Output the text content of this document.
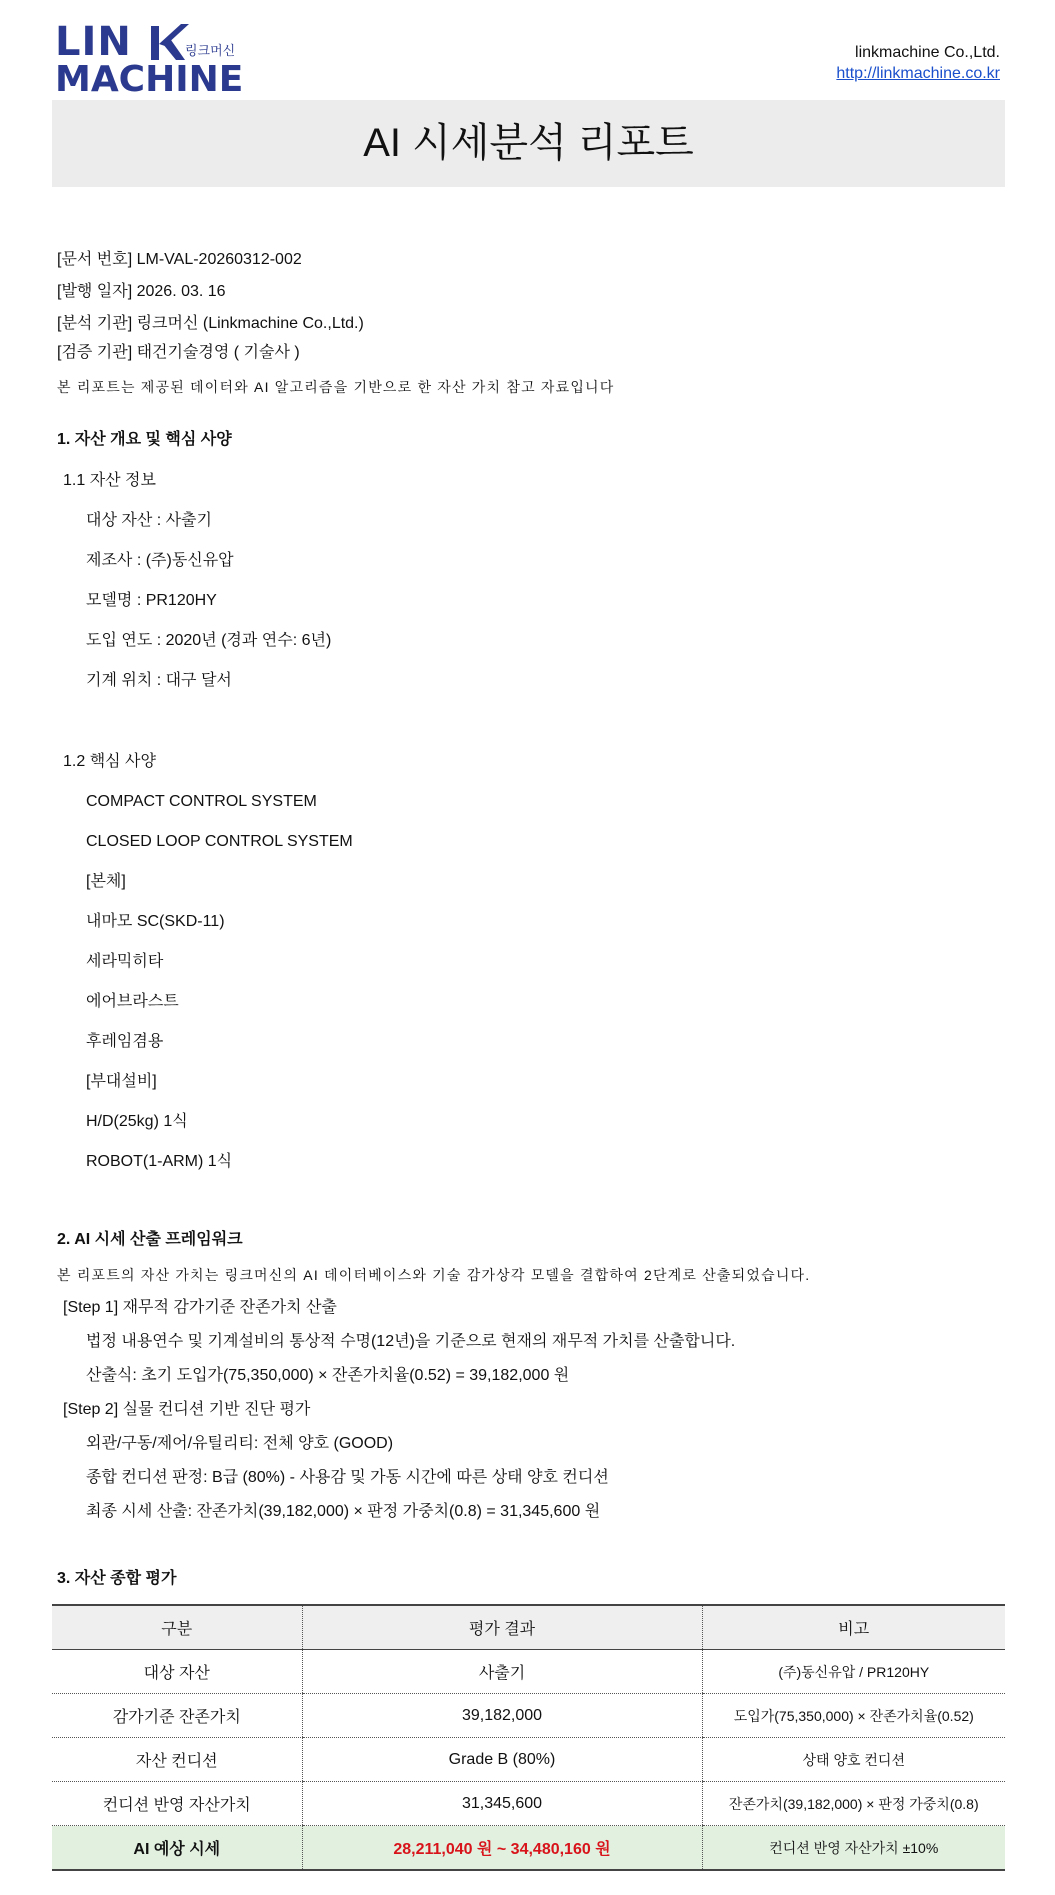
LIN	링크머신
MACHINE
linkmachine Co.,Ltd.
http://linkmachine.co.kr
AI 시세분석 리포트
[문서 번호] LM-VAL-20260312-002
[발행 일자] 2026. 03. 16
[분석 기관] 링크머신 (Linkmachine Co.,Ltd.)
[검증 기관] 태건기술경영 ( 기술사 )
본 리포트는 제공된 데이터와 AI 알고리즘을 기반으로 한 자산 가치 참고 자료입니다
1. 자산 개요 및 핵심 사양
1.1 자산 정보
대상 자산 : 사출기
제조사 : (주)동신유압
모델명 : PR120HY
도입 연도 : 2020년 (경과 연수: 6년)
기계 위치 : 대구 달서
1.2 핵심 사양
COMPACT CONTROL SYSTEM
CLOSED LOOP CONTROL SYSTEM
[본체]
내마모 SC(SKD-11)
세라믹히타
에어브라스트
후레임겸용
[부대설비]
H/D(25kg) 1식
ROBOT(1-ARM) 1식
2. AI 시세 산출 프레임워크
본 리포트의 자산 가치는 링크머신의 AI 데이터베이스와 기술 감가상각 모델을 결합하여 2단계로 산출되었습니다.
[Step 1] 재무적 감가기준 잔존가치 산출
법정 내용연수 및 기계설비의 통상적 수명(12년)을 기준으로 현재의 재무적 가치를 산출합니다.
산출식: 초기 도입가(75,350,000) × 잔존가치율(0.52) = 39,182,000 원
[Step 2] 실물 컨디션 기반 진단 평가
외관/구동/제어/유틸리티: 전체 양호 (GOOD)
종합 컨디션 판정: B급 (80%) - 사용감 및 가동 시간에 따른 상태 양호 컨디션
최종 시세 산출: 잔존가치(39,182,000) × 판정 가중치(0.8) = 31,345,600 원
3. 자산 종합 평가
구분	평가 결과	비고
대상 자산	사출기	(주)동신유압 / PR120HY
감가기준 잔존가치	39,182,000	도입가(75,350,000) × 잔존가치율(0.52)
자산 컨디션	Grade B (80%)	상태 양호 컨디션
컨디션 반영 자산가치	31,345,600	잔존가치(39,182,000) × 판정 가중치(0.8)
AI 예상 시세	28,211,040 원 ~ 34,480,160 원	컨디션 반영 자산가치 ±10%
